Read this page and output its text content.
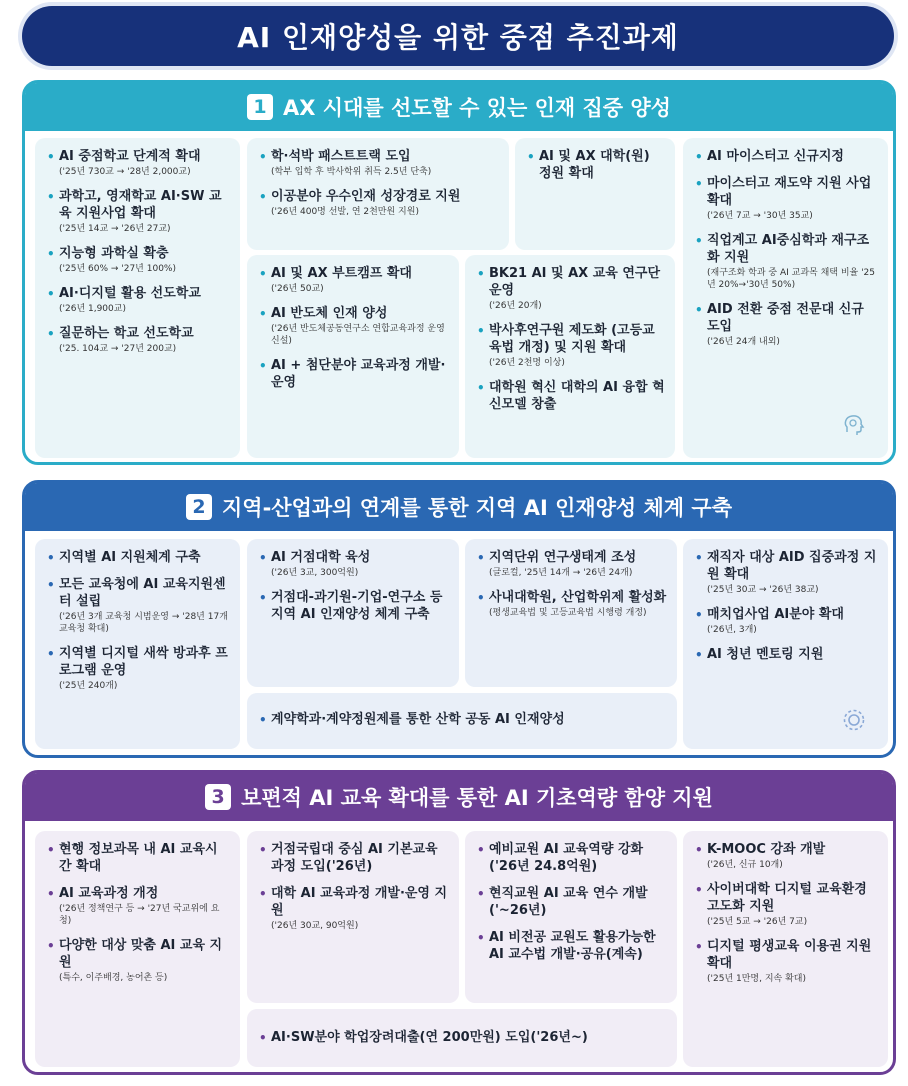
AI 인재양성을 위한 중점 추진과제
1 AX 시대를 선도할 수 있는 인재 집중 양성
• AI 중점학교 단계적 확대
('25년 730교 → '28년 2,000교)
• 과학고, 영재학교 AI·SW 교육 지원사업 확대
('25년 14교 → '26년 27교)
• 지능형 과학실 확충
('25년 60% → '27년 100%)
• AI·디지털 활용 선도학교
('26년 1,900교)
• 질문하는 학교 선도학교
('25. 104교 → '27년 200교)
• 학·석박 패스트트랙 도입
(학부 입학 후 박사학위 취득 2.5년 단축)
• 이공분야 우수인재 성장경로 지원
('26년 400명 선발, 연 2천만원 지원)
• AI 및 AX 대학(원) 정원 확대
• AI 및 AX 부트캠프 확대
('26년 50교)
• AI 반도체 인재 양성
('26년 반도체공동연구소 연합교육과정 운영 신설)
• AI + 첨단분야 교육과정 개발·운영
• BK21 AI 및 AX 교육 연구단 운영
('26년 20개)
• 박사후연구원 제도화 (고등교육법 개정) 및 지원 확대
('26년 2천명 이상)
• 대학원 혁신 대학의 AI 융합 혁신모델 창출
• AI 마이스터고 신규지정
• 마이스터고 재도약 지원 사업 확대
('26년 7교 → '30년 35교)
• 직업계고 AI중심학과 재구조화 지원
(재구조화 학과 중 AI 교과목 채택 비율 '25년 20%→'30년 50%)
• AID 전환 중점 전문대 신규 도입
('26년 24개 내외)
2 지역-산업과의 연계를 통한 지역 AI 인재양성 체계 구축
• 지역별 AI 지원체계 구축
• 모든 교육청에 AI 교육지원센터 설립
('26년 3개 교육청 시범운영 → '28년 17개 교육청 확대)
• 지역별 디지털 새싹 방과후 프로그램 운영
('25년 240개)
• AI 거점대학 육성
('26년 3교, 300억원)
• 거점대-과기원-기업-연구소 등 지역 AI 인재양성 체계 구축
• 지역단위 연구생태계 조성
(글로컬, '25년 14개 → '26년 24개)
• 사내대학원, 산업학위제 활성화
(평생교육법 및 고등교육법 시행령 개정)
• 계약학과·계약정원제를 통한 산학 공동 AI 인재양성
• 재직자 대상 AID 집중과정 지원 확대
('25년 30교 → '26년 38교)
• 매치업사업 AI분야 확대
('26년, 3개)
• AI 청년 멘토링 지원
3 보편적 AI 교육 확대를 통한 AI 기초역량 함양 지원
• 현행 정보과목 내 AI 교육시간 확대
• AI 교육과정 개정
('26년 정책연구 등 → '27년 국교위에 요청)
• 다양한 대상 맞춤 AI 교육 지원
(특수, 이주배경, 농어촌 등)
• 거점국립대 중심 AI 기본교육과정 도입('26년)
• 대학 AI 교육과정 개발·운영 지원
('26년 30교, 90억원)
• 예비교원 AI 교육역량 강화('26년 24.8억원)
• 현직교원 AI 교육 연수 개발('~26년)
• AI 비전공 교원도 활용가능한 AI 교수법 개발·공유(계속)
• AI·SW분야 학업장려대출(연 200만원) 도입('26년~)
• K-MOOC 강좌 개발
('26년, 신규 10개)
• 사이버대학 디지털 교육환경 고도화 지원
('25년 5교 → '26년 7교)
• 디지털 평생교육 이용권 지원 확대
('25년 1만명, 지속 확대)
